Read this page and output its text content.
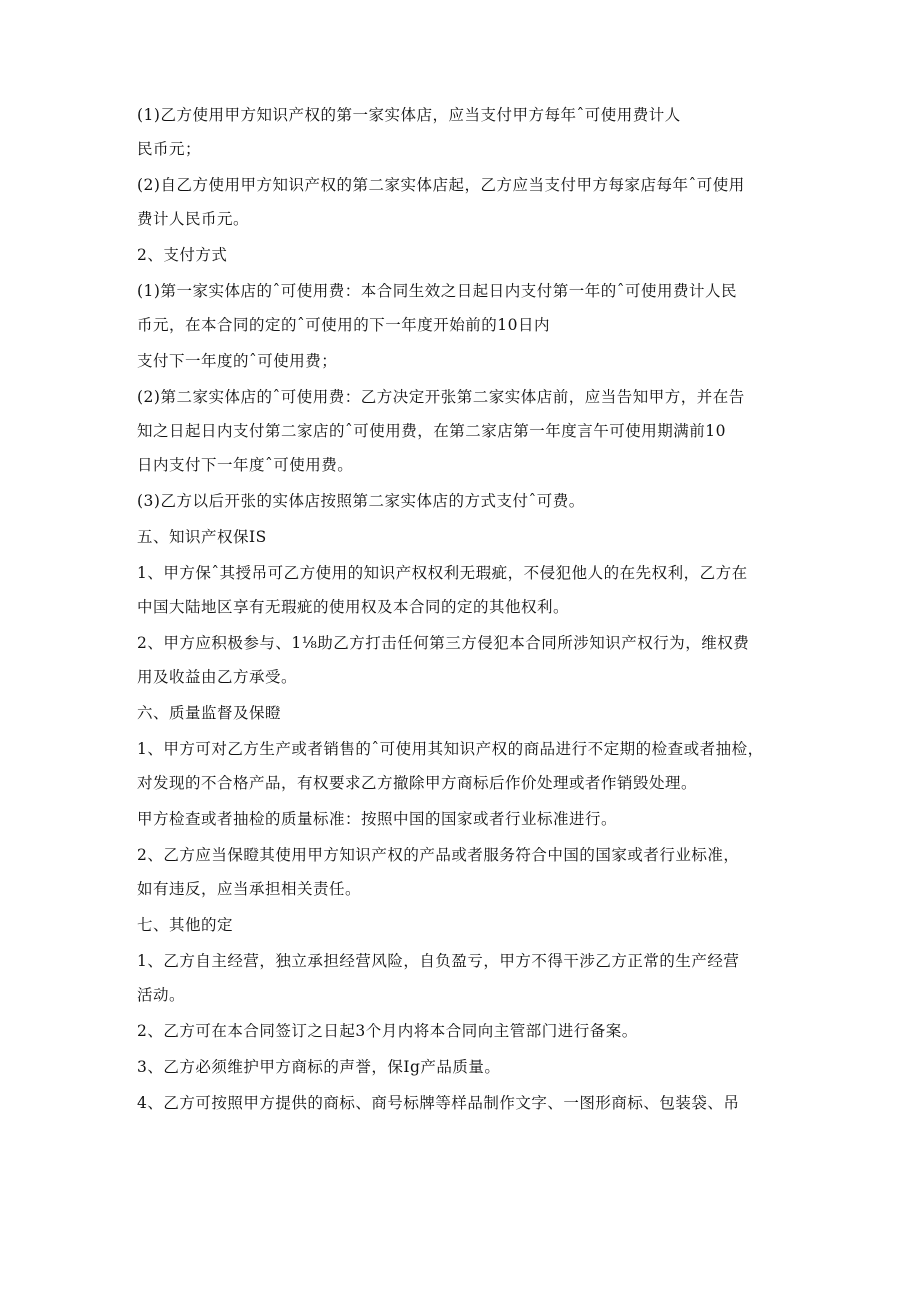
(1)乙方使用甲方知识产权的第一家实体店，应当支付甲方每年ˆ可使用费计人

民币元；

(2)自乙方使用甲方知识产权的第二家实体店起，乙方应当支付甲方每家店每年ˆ可使用

费计人民币元。

2、支付方式

(1)第一家实体店的ˆ可使用费：本合同生效之日起日内支付第一年的ˆ可使用费计人民

币元，在本合同的定的ˆ可使用的下一年度开始前的10日内

支付下一年度的ˆ可使用费；

(2)第二家实体店的ˆ可使用费：乙方决定开张第二家实体店前，应当告知甲方，并在告

知之日起日内支付第二家店的ˆ可使用费，在第二家店第一年度言午可使用期满前10

日内支付下一年度ˆ可使用费。

(3)乙方以后开张的实体店按照第二家实体店的方式支付ˆ可费。

五、知识产权保IS

1、甲方保ˆ其授吊可乙方使用的知识产权权利无瑕疵，不侵犯他人的在先权利，乙方在

中国大陆地区享有无瑕疵的使用权及本合同的定的其他权利。

2、甲方应积极参与、1⅛助乙方打击任何第三方侵犯本合同所涉知识产权行为，维权费

用及收益由乙方承受。

六、质量监督及保瞪

1、甲方可对乙方生产或者销售的ˆ可使用其知识产权的商品进行不定期的检查或者抽检，

对发现的不合格产品，有权要求乙方撤除甲方商标后作价处理或者作销毁处理。

甲方检查或者抽检的质量标准：按照中国的国家或者行业标准进行。

2、乙方应当保瞪其使用甲方知识产权的产品或者服务符合中国的国家或者行业标准，

如有违反，应当承担相关责任。

七、其他的定

1、乙方自主经营，独立承担经营风险，自负盈亏，甲方不得干涉乙方正常的生产经营

活动。

2、乙方可在本合同签订之日起3个月内将本合同向主管部门进行备案。

3、乙方必须维护甲方商标的声誉，保Ig产品质量。

4、乙方可按照甲方提供的商标、商号标牌等样品制作文字、一图形商标、包装袋、吊
